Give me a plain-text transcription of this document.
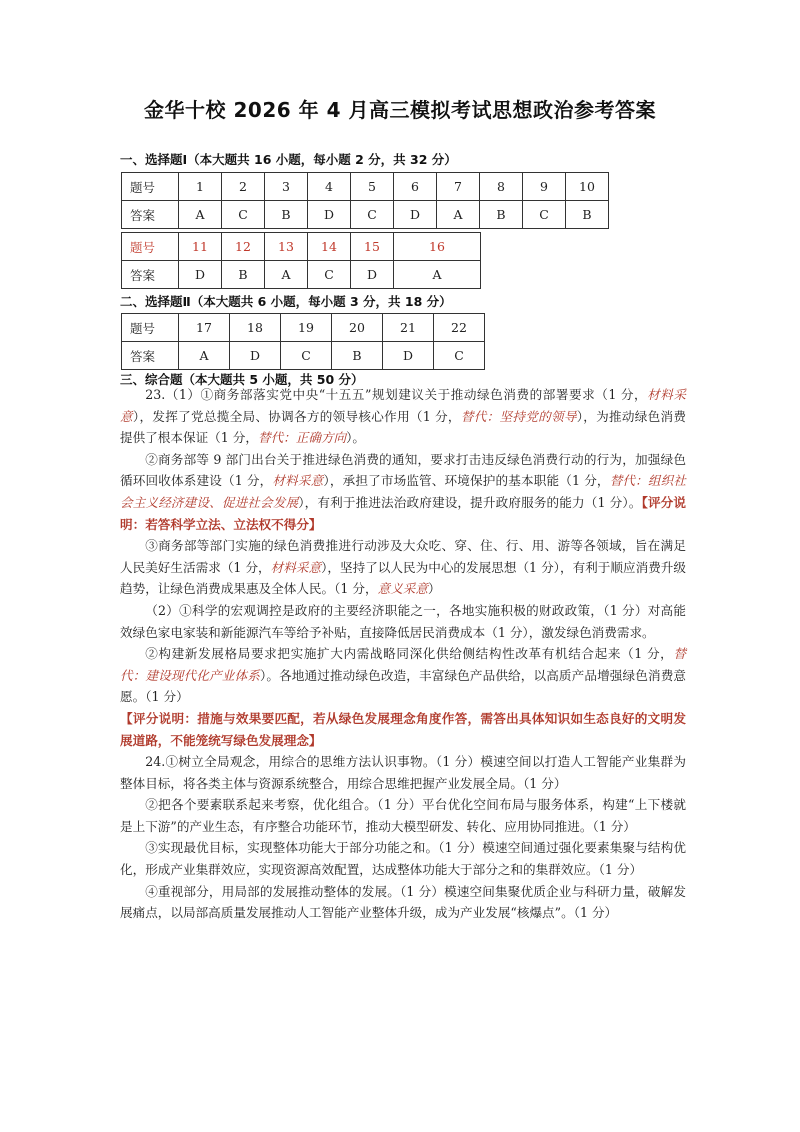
金华十校 2026 年 4 月高三模拟考试思想政治参考答案

一、选择题Ⅰ（本大题共 16 小题，每小题 2 分，共 32 分）

题号	1	2	3	4	5	6	7	8	9	10
答案	A	C	B	D	C	D	A	B	C	B
题号	11	12	13	14	15	16
答案	D	B	A	C	D	A

二、选择题Ⅱ（本大题共 6 小题，每小题 3 分，共 18 分）

题号	17	18	19	20	21	22
答案	A	D	C	B	D	C

三、综合题（本大题共 5 小题，共 50 分）

23.（1）①商务部落实党中央“十五五”规划建议关于推动绿色消费的部署要求（1 分，材料采意），发挥了党总揽全局、协调各方的领导核心作用（1 分，替代：坚持党的领导），为推动绿色消费提供了根本保证（1 分，替代：正确方向）。

②商务部等 9 部门出台关于推进绿色消费的通知，要求打击违反绿色消费行动的行为，加强绿色循环回收体系建设（1 分，材料采意），承担了市场监管、环境保护的基本职能（1 分，替代：组织社会主义经济建设、促进社会发展），有利于推进法治政府建设，提升政府服务的能力（1 分）。【评分说明：若答科学立法、立法权不得分】

③商务部等部门实施的绿色消费推进行动涉及大众吃、穿、住、行、用、游等各领域，旨在满足人民美好生活需求（1 分，材料采意），坚持了以人民为中心的发展思想（1 分），有利于顺应消费升级趋势，让绿色消费成果惠及全体人民。（1 分，意义采意）

（2）①科学的宏观调控是政府的主要经济职能之一，各地实施积极的财政政策，（1 分）对高能效绿色家电家装和新能源汽车等给予补贴，直接降低居民消费成本（1 分），激发绿色消费需求。

②构建新发展格局要求把实施扩大内需战略同深化供给侧结构性改革有机结合起来（1 分，替代：建设现代化产业体系）。各地通过推动绿色改造，丰富绿色产品供给，以高质产品增强绿色消费意愿。（1 分）

【评分说明：措施与效果要匹配，若从绿色发展理念角度作答，需答出具体知识如生态良好的文明发展道路，不能笼统写绿色发展理念】

24.①树立全局观念，用综合的思维方法认识事物。（1 分）模速空间以打造人工智能产业集群为整体目标，将各类主体与资源系统整合，用综合思维把握产业发展全局。（1 分）

②把各个要素联系起来考察，优化组合。（1 分）平台优化空间布局与服务体系，构建“上下楼就是上下游”的产业生态，有序整合功能环节，推动大模型研发、转化、应用协同推进。（1 分）

③实现最优目标，实现整体功能大于部分功能之和。（1 分）模速空间通过强化要素集聚与结构优化，形成产业集群效应，实现资源高效配置，达成整体功能大于部分之和的集群效应。（1 分）

④重视部分，用局部的发展推动整体的发展。（1 分）模速空间集聚优质企业与科研力量，破解发展痛点，以局部高质量发展推动人工智能产业整体升级，成为产业发展“核爆点”。（1 分）
